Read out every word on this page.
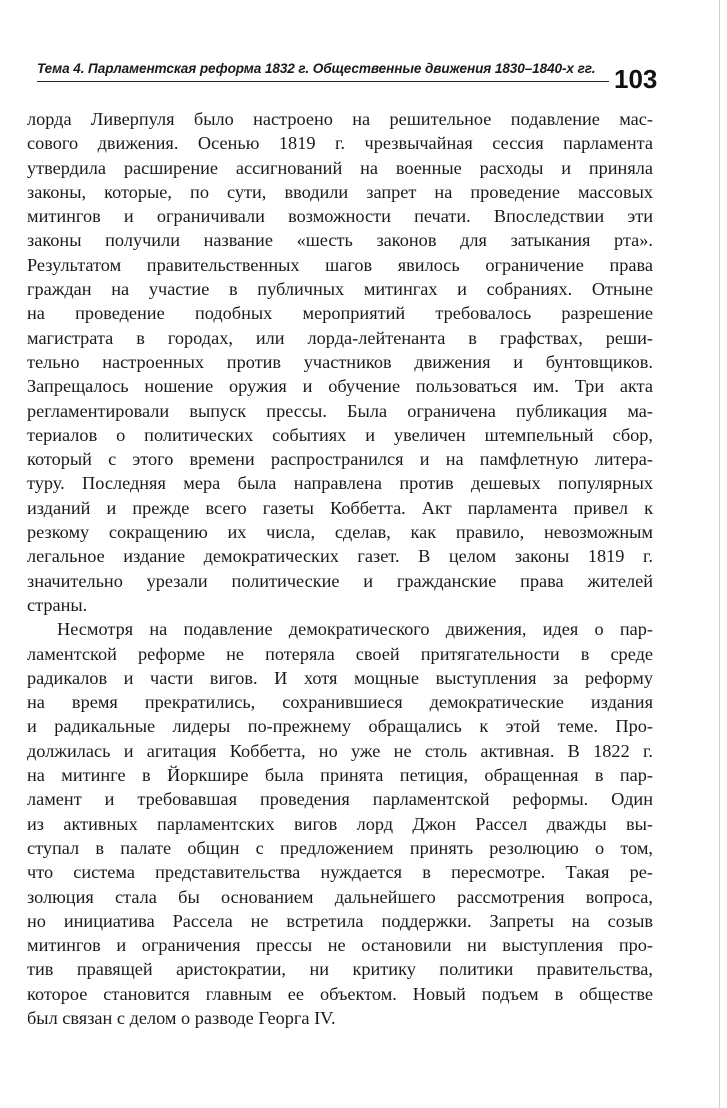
Тема 4. Парламентская реформа 1832 г. Общественные движения 1830–1840-х гг. 103
лорда Ливерпуля было настроено на решительное подавление мас-
сового движения. Осенью 1819 г. чрезвычайная сессия парламента
утвердила расширение ассигнований на военные расходы и приняла
законы, которые, по сути, вводили запрет на проведение массовых
митингов и ограничивали возможности печати. Впоследствии эти
законы получили название «шесть законов для затыкания рта».
Результатом правительственных шагов явилось ограничение права
граждан на участие в публичных митингах и собраниях. Отныне
на проведение подобных мероприятий требовалось разрешение
магистрата в городах, или лорда-лейтенанта в графствах, реши-
тельно настроенных против участников движения и бунтовщиков.
Запрещалось ношение оружия и обучение пользоваться им. Три акта
регламентировали выпуск прессы. Была ограничена публикация ма-
териалов о политических событиях и увеличен штемпельный сбор,
который с этого времени распространился и на памфлетную литера-
туру. Последняя мера была направлена против дешевых популярных
изданий и прежде всего газеты Коббетта. Акт парламента привел к
резкому сокращению их числа, сделав, как правило, невозможным
легальное издание демократических газет. В целом законы 1819 г.
значительно урезали политические и гражданские права жителей
страны.
Несмотря на подавление демократического движения, идея о пар-
ламентской реформе не потеряла своей притягательности в среде
радикалов и части вигов. И хотя мощные выступления за реформу
на время прекратились, сохранившиеся демократические издания
и радикальные лидеры по-прежнему обращались к этой теме. Про-
должилась и агитация Коббетта, но уже не столь активная. В 1822 г.
на митинге в Йоркшире была принята петиция, обращенная в пар-
ламент и требовавшая проведения парламентской реформы. Один
из активных парламентских вигов лорд Джон Рассел дважды вы-
ступал в палате общин с предложением принять резолюцию о том,
что система представительства нуждается в пересмотре. Такая ре-
золюция стала бы основанием дальнейшего рассмотрения вопроса,
но инициатива Рассела не встретила поддержки. Запреты на созыв
митингов и ограничения прессы не остановили ни выступления про-
тив правящей аристократии, ни критику политики правительства,
которое становится главным ее объектом. Новый подъем в обществе
был связан с делом о разводе Георга IV.
